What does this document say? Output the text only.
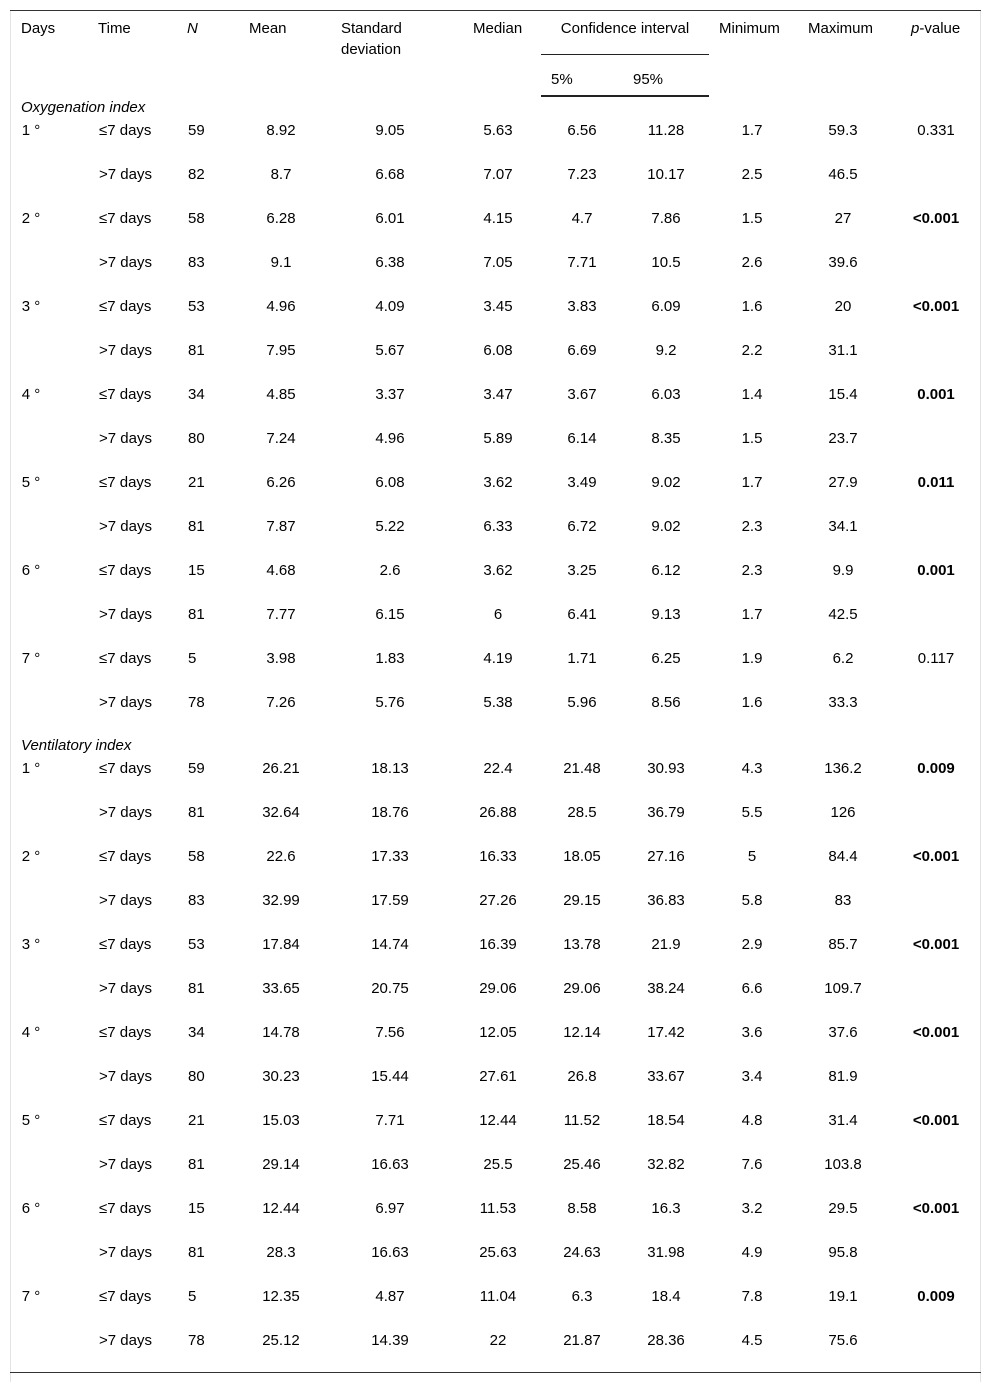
Days	Time	N	Mean	Standard deviation	Median	Confidence interval		Minimum	Maximum	p-value
						5%	95%			
Oxygenation index										
1 °	≤7 days	59	8.92	9.05	5.63	6.56	11.28	1.7	59.3	0.331
	>7 days	82	8.7	6.68	7.07	7.23	10.17	2.5	46.5	
2 °	≤7 days	58	6.28	6.01	4.15	4.7	7.86	1.5	27	<0.001
	>7 days	83	9.1	6.38	7.05	7.71	10.5	2.6	39.6	
3 °	≤7 days	53	4.96	4.09	3.45	3.83	6.09	1.6	20	<0.001
	>7 days	81	7.95	5.67	6.08	6.69	9.2	2.2	31.1	
4 °	≤7 days	34	4.85	3.37	3.47	3.67	6.03	1.4	15.4	0.001
	>7 days	80	7.24	4.96	5.89	6.14	8.35	1.5	23.7	
5 °	≤7 days	21	6.26	6.08	3.62	3.49	9.02	1.7	27.9	0.011
	>7 days	81	7.87	5.22	6.33	6.72	9.02	2.3	34.1	
6 °	≤7 days	15	4.68	2.6	3.62	3.25	6.12	2.3	9.9	0.001
	>7 days	81	7.77	6.15	6	6.41	9.13	1.7	42.5	
7 °	≤7 days	5	3.98	1.83	4.19	1.71	6.25	1.9	6.2	0.117
	>7 days	78	7.26	5.76	5.38	5.96	8.56	1.6	33.3	
Ventilatory index										
1 °	≤7 days	59	26.21	18.13	22.4	21.48	30.93	4.3	136.2	0.009
	>7 days	81	32.64	18.76	26.88	28.5	36.79	5.5	126	
2 °	≤7 days	58	22.6	17.33	16.33	18.05	27.16	5	84.4	<0.001
	>7 days	83	32.99	17.59	27.26	29.15	36.83	5.8	83	
3 °	≤7 days	53	17.84	14.74	16.39	13.78	21.9	2.9	85.7	<0.001
	>7 days	81	33.65	20.75	29.06	29.06	38.24	6.6	109.7	
4 °	≤7 days	34	14.78	7.56	12.05	12.14	17.42	3.6	37.6	<0.001
	>7 days	80	30.23	15.44	27.61	26.8	33.67	3.4	81.9	
5 °	≤7 days	21	15.03	7.71	12.44	11.52	18.54	4.8	31.4	<0.001
	>7 days	81	29.14	16.63	25.5	25.46	32.82	7.6	103.8	
6 °	≤7 days	15	12.44	6.97	11.53	8.58	16.3	3.2	29.5	<0.001
	>7 days	81	28.3	16.63	25.63	24.63	31.98	4.9	95.8	
7 °	≤7 days	5	12.35	4.87	11.04	6.3	18.4	7.8	19.1	0.009
	>7 days	78	25.12	14.39	22	21.87	28.36	4.5	75.6	
